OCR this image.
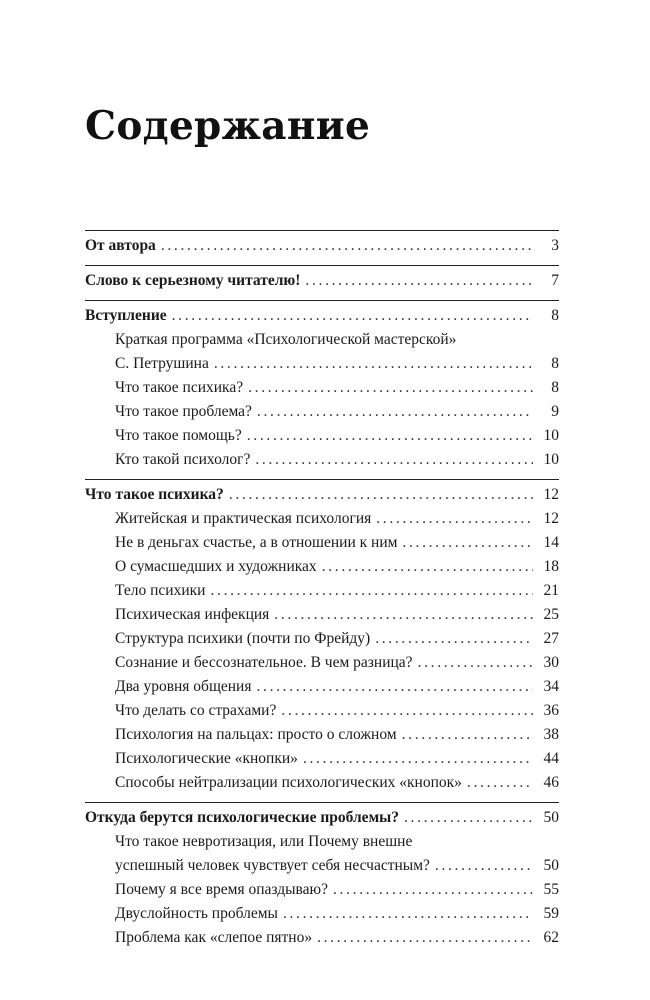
Содержание
От автора . . .	3
Слово к серьезному читателю! . . .	7
Вступление . . .	8
Краткая программа «Психологической мастерской»
С. Петрушина . . .	8
Что такое психика? . . .	8
Что такое проблема? . . .	9
Что такое помощь? . . .	10
Кто такой психолог? . . .	10
Что такое психика? . . .	12
Житейская и практическая психология . . .	12
Не в деньгах счастье, а в отношении к ним . . .	14
О сумасшедших и художниках . . .	18
Тело психики . . .	21
Психическая инфекция . . .	25
Структура психики (почти по Фрейду) . . .	27
Сознание и бессознательное. В чем разница? . . .	30
Два уровня общения . . .	34
Что делать со страхами? . . .	36
Психология на пальцах: просто о сложном . . .	38
Психологические «кнопки» . . .	44
Способы нейтрализации психологических «кнопок» . . .	46
Откуда берутся психологические проблемы? . . .	50
Что такое невротизация, или Почему внешне
успешный человек чувствует себя несчастным? . . .	50
Почему я все время опаздываю? . . .	55
Двуслойность проблемы . . .	59
Проблема как «слепое пятно» . . .	62
